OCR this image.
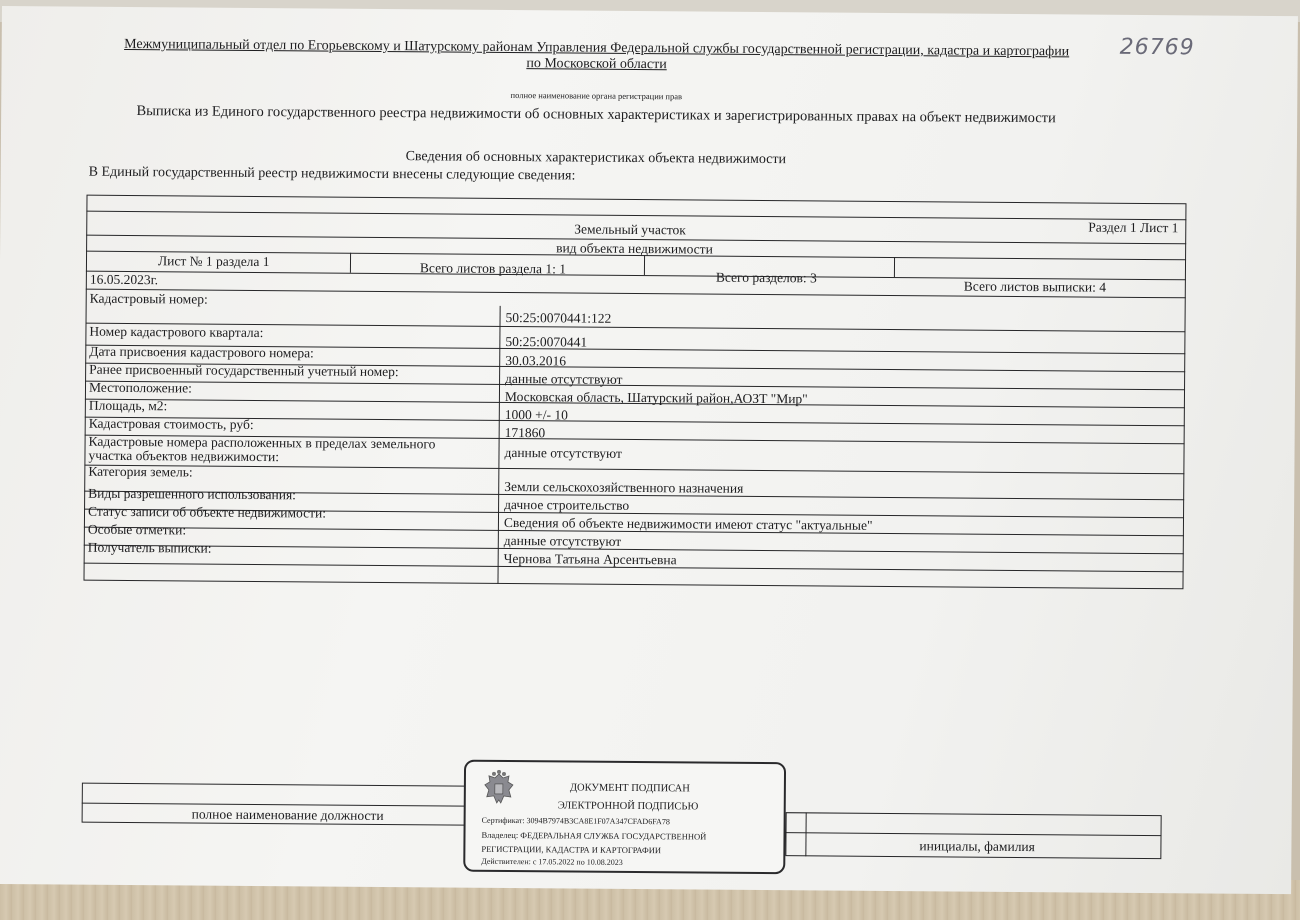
26769
Межмуниципальный отдел по Егорьевскому и Шатурскому районам Управления Федеральной службы государственной регистрации, кадастра и картографии
по Московской области
полное наименование органа регистрации прав
Выписка из Единого государственного реестра недвижимости об основных характеристиках и зарегистрированных правах на объект недвижимости
Сведения об основных характеристиках объекта недвижимости
В Единый государственный реестр недвижимости внесены следующие сведения:
Раздел 1 Лист 1
Земельный участок
вид объекта недвижимости
Лист № 1 раздела 1	Всего листов раздела 1: 1
Всего разделов: 3
Всего листов выписки: 4
16.05.2023г.
Кадастровый номер:
50:25:0070441:122
Номер кадастрового квартала:
50:25:0070441
Дата присвоения кадастрового номера:
30.03.2016
Ранее присвоенный государственный учетный номер:	данные отсутствуют
Местоположение:
Московская область, Шатурский район,АОЗТ "Мир"
Площадь, м2:
1000 +/- 10
Кадастровая стоимость, руб:
171860
Кадастровые номера расположенных в пределах земельного
участка объектов недвижимости:	данные отсутствуют
Категория земель:
Земли сельскохозяйственного назначения
Виды разрешенного использования:
дачное строительство
Статус записи об объекте недвижимости:
Сведения об объекте недвижимости имеют статус "актуальные"
Особые отметки:
данные отсутствуют
Получатель выписки:
Чернова Татьяна Арсентьевна
полное наименование должности
инициалы, фамилия
ДОКУМЕНТ ПОДПИСАН
ЭЛЕКТРОННОЙ ПОДПИСЬЮ
Сертификат: 3094B7974B3CA8E1F07A347CFAD6FA78
Владелец: ФЕДЕРАЛЬНАЯ СЛУЖБА ГОСУДАРСТВЕННОЙ
РЕГИСТРАЦИИ, КАДАСТРА И КАРТОГРАФИИ
Действителен: с 17.05.2022 по 10.08.2023
